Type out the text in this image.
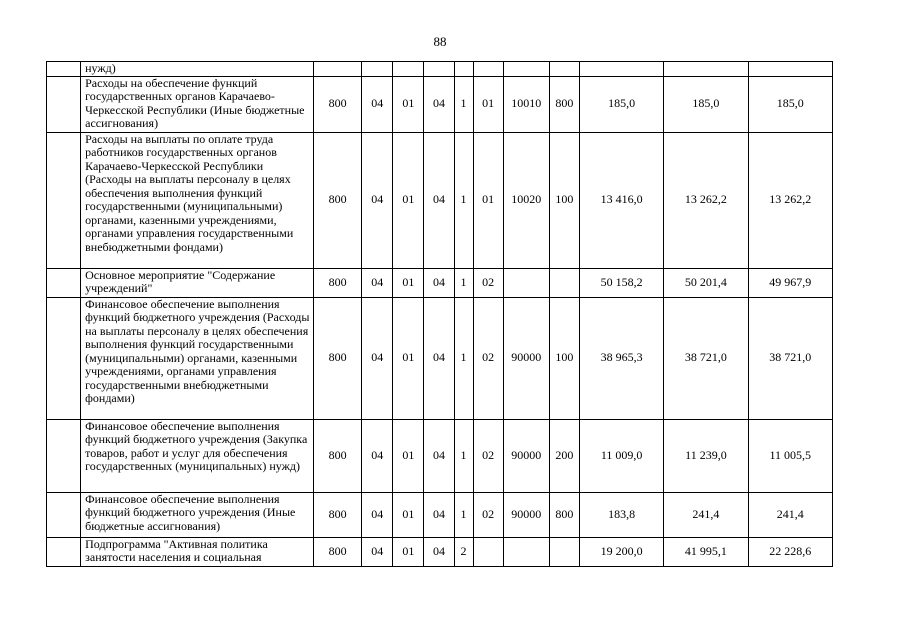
88
	нужд)											
	Расходы на обеспечение функций государственных органов Карачаево-Черкесской Республики (Иные бюджетные ассигнования)	800	04	01	04	1	01	10010	800	185,0	185,0	185,0
	Расходы на выплаты по оплате труда работников государственных органов Карачаево-Черкесской Республики (Расходы на выплаты персоналу в целях обеспечения выполнения функций государственными (муниципальными) органами, казенными учреждениями, органами управления государственными внебюджетными фондами)	800	04	01	04	1	01	10020	100	13 416,0	13 262,2	13 262,2
	Основное мероприятие "Содержание учреждений"	800	04	01	04	1	02			50 158,2	50 201,4	49 967,9
	Финансовое обеспечение выполнения функций бюджетного учреждения (Расходы на выплаты персоналу в целях обеспечения выполнения функций государственными (муниципальными) органами, казенными учреждениями, органами управления государственными внебюджетными фондами)	800	04	01	04	1	02	90000	100	38 965,3	38 721,0	38 721,0
	Финансовое обеспечение выполнения функций бюджетного учреждения (Закупка товаров, работ и услуг для обеспечения государственных (муниципальных) нужд)	800	04	01	04	1	02	90000	200	11 009,0	11 239,0	11 005,5
	Финансовое обеспечение выполнения функций бюджетного учреждения (Иные бюджетные ассигнования)	800	04	01	04	1	02	90000	800	183,8	241,4	241,4
	Подпрограмма "Активная политика занятости населения и социальная	800	04	01	04	2				19 200,0	41 995,1	22 228,6
